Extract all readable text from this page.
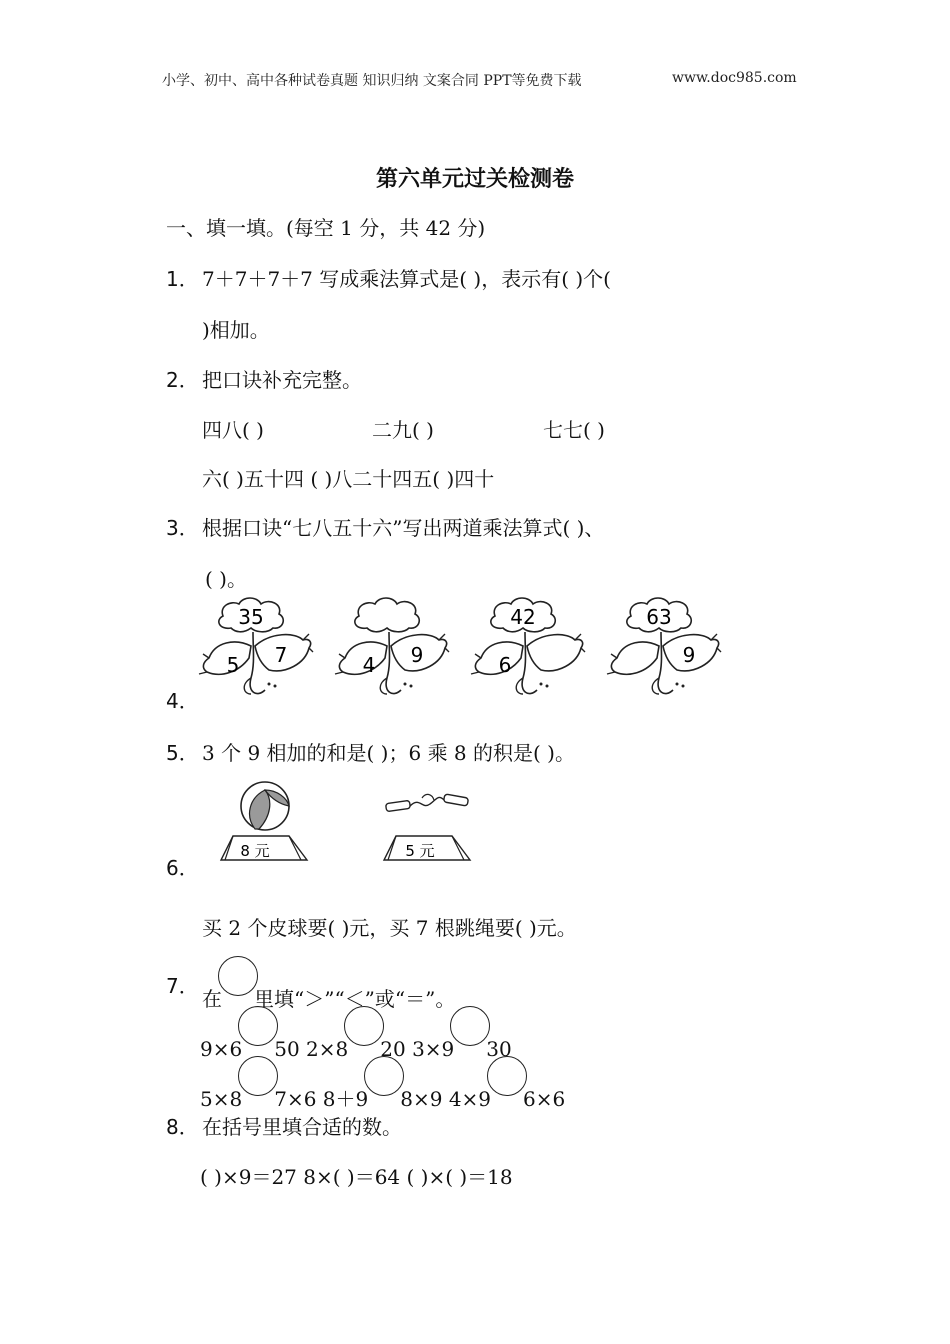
小学、初中、高中各种试卷真题 知识归纳 文案合同 PPT等免费下载	www.doc985.com
第六单元过关检测卷
一、填一填。(每空 1 分，共 42 分)
1． 7＋7＋7＋7 写成乘法算式是( )，表示有( )个(
)相加。
2． 把口诀补充完整。
四八( )	二九( )	七七( )
六( )五十四 ( )八二十四五( )四十
3． 根据口诀“七八五十六”写出两道乘法算式( )、
( )。
4．
35
5 7	4 9
42
6
63
9
5． 3 个 9 相加的和是( )；6 乘 8 的积是( )。
6．
8 元	5 元
买 2 个皮球要( )元，买 7 根跳绳要( )元。
7．
在 里填“＞”“＜”或“＝”。
9×6 50 2×8 20 3×9 30
5×8 7×6 8＋9 8×9 4×9 6×6
8． 在括号里填合适的数。
( )×9＝27 8×( )＝64 ( )×( )＝18
